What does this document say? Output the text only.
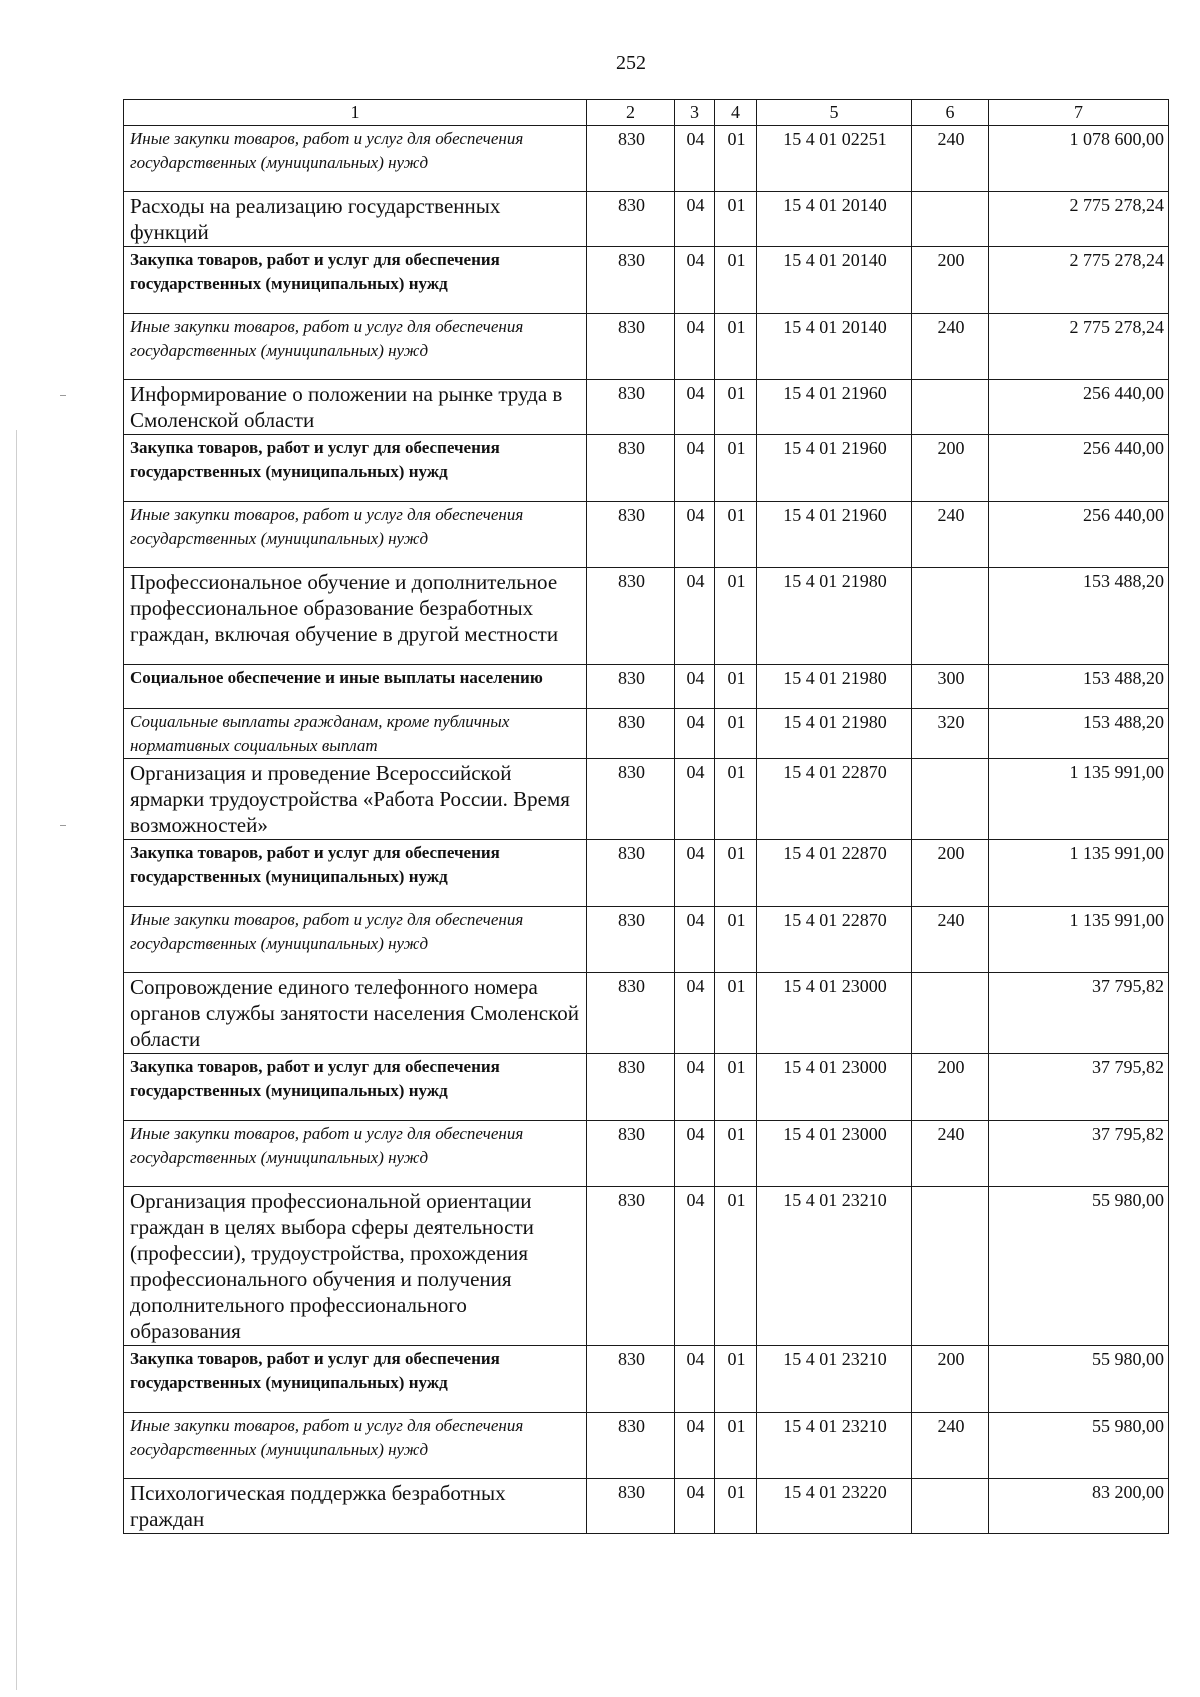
252
1	2	3	4	5	6	7
Иные закупки товаров, работ и услуг для обеспечения государственных (муниципальных) нужд	830	04	01	15 4 01 02251	240	1 078 600,00
Расходы на реализацию государственных функций	830	04	01	15 4 01 20140		2 775 278,24
Закупка товаров, работ и услуг для обеспечения государственных (муниципальных) нужд	830	04	01	15 4 01 20140	200	2 775 278,24
Иные закупки товаров, работ и услуг для обеспечения государственных (муниципальных) нужд	830	04	01	15 4 01 20140	240	2 775 278,24
Информирование о положении на рынке труда в Смоленской области	830	04	01	15 4 01 21960		256 440,00
Закупка товаров, работ и услуг для обеспечения государственных (муниципальных) нужд	830	04	01	15 4 01 21960	200	256 440,00
Иные закупки товаров, работ и услуг для обеспечения государственных (муниципальных) нужд	830	04	01	15 4 01 21960	240	256 440,00
Профессиональное обучение и дополнительное профессиональное образование безработных граждан, включая обучение в другой местности	830	04	01	15 4 01 21980		153 488,20
Социальное обеспечение и иные выплаты населению	830	04	01	15 4 01 21980	300	153 488,20
Социальные выплаты гражданам, кроме публичных нормативных социальных выплат	830	04	01	15 4 01 21980	320	153 488,20
Организация и проведение Всероссийской ярмарки трудоустройства «Работа России. Время возможностей»	830	04	01	15 4 01 22870		1 135 991,00
Закупка товаров, работ и услуг для обеспечения государственных (муниципальных) нужд	830	04	01	15 4 01 22870	200	1 135 991,00
Иные закупки товаров, работ и услуг для обеспечения государственных (муниципальных) нужд	830	04	01	15 4 01 22870	240	1 135 991,00
Сопровождение единого телефонного номера органов службы занятости населения Смоленской области	830	04	01	15 4 01 23000		37 795,82
Закупка товаров, работ и услуг для обеспечения государственных (муниципальных) нужд	830	04	01	15 4 01 23000	200	37 795,82
Иные закупки товаров, работ и услуг для обеспечения государственных (муниципальных) нужд	830	04	01	15 4 01 23000	240	37 795,82
Организация профессиональной ориентации граждан в целях выбора сферы деятельности (профессии), трудоустройства, прохождения профессионального обучения и получения дополнительного профессионального образования	830	04	01	15 4 01 23210		55 980,00
Закупка товаров, работ и услуг для обеспечения государственных (муниципальных) нужд	830	04	01	15 4 01 23210	200	55 980,00
Иные закупки товаров, работ и услуг для обеспечения государственных (муниципальных) нужд	830	04	01	15 4 01 23210	240	55 980,00
Психологическая поддержка безработных граждан	830	04	01	15 4 01 23220		83 200,00
